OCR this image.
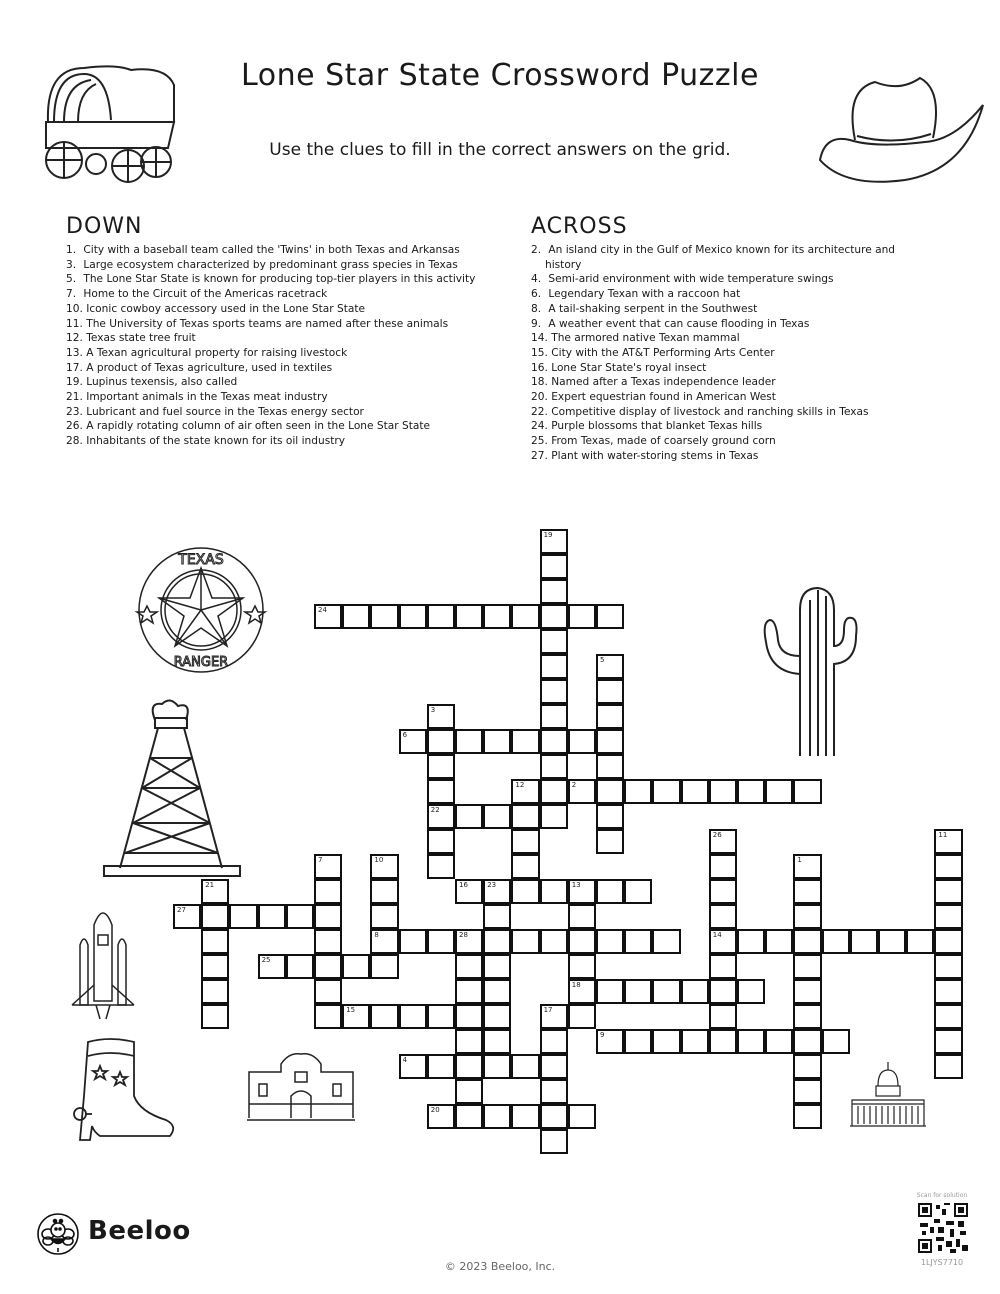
Lone Star State Crossword Puzzle
Use the clues to fill in the correct answers on the grid.
TEXAS
RANGER
DOWN
1. City with a baseball team called the 'Twins' in both Texas and Arkansas
3. Large ecosystem characterized by predominant grass species in Texas
5. The Lone Star State is known for producing top-tier players in this activity
7. Home to the Circuit of the Americas racetrack
10. Iconic cowboy accessory used in the Lone Star State
11. The University of Texas sports teams are named after these animals
12. Texas state tree fruit
13. A Texan agricultural property for raising livestock
17. A product of Texas agriculture, used in textiles
19. Lupinus texensis, also called
21. Important animals in the Texas meat industry
23. Lubricant and fuel source in the Texas energy sector
26. A rapidly rotating column of air often seen in the Lone Star State
28. Inhabitants of the state known for its oil industry
ACROSS
2. An island city in the Gulf of Mexico known for its architecture and history
4. Semi-arid environment with wide temperature swings
6. Legendary Texan with a raccoon hat
8. A tail-shaking serpent in the Southwest
9. A weather event that can cause flooding in Texas
14. The armored native Texan mammal
15. City with the AT&T Performing Arts Center
16. Lone Star State's royal insect
18. Named after a Texas independence leader
20. Expert equestrian found in American West
22. Competitive display of livestock and ranching skills in Texas
24. Purple blossoms that blanket Texas hills
25. From Texas, made of coarsely ground corn
27. Plant with water-storing stems in Texas
19
24
5
3
22
6
12	2
11
26
14
7	10
8
1
21	16	23	13
18
27
28
25
15	17
9
4
20
Beeloo
© 2023 Beeloo, Inc.
Scan for solution
1LJYS7710
